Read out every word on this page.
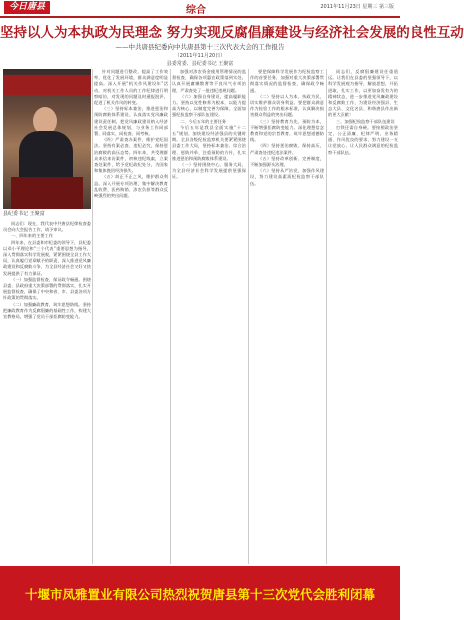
今日唐县	综合	2011年11月23日 星期三 第三版
坚持以人为本执政为民理念 努力实现反腐倡廉建设与经济社会发展的良性互动
——中共唐县纪委向中共唐县第十三次代表大会的工作报告
（2011年11月20日）
县委常委、县纪委书记 王聚富
县纪委书记 王聚富

同志们：现在，我代表中共唐县纪律检查委员会向大会报告工作，请予审议。

一、四年来的主要工作

四年来，在县委和市纪委的领导下，县纪委以邓小平理论和“三个代表”重要思想为指导，深入贯彻落实科学发展观，紧紧围绕全县工作大局，认真履行党章赋予的职责，深入推进党风廉政建设和反腐败斗争，为全县经济社会又好又快发展提供了有力保证。

（一）加强监督检查，保证政令畅通。围绕县委、县政府重大决策部署的贯彻落实，扎实开展监督检查，确保了中央和省、市、县委各项方针政策的贯彻落实。

（二）加强廉政教育，筑牢思想防线。坚持把廉政教育作为反腐倡廉的基础性工作，构建大宣教格局，增强了党员干部拒腐防变能力。

针对问题进行整改，提高了工作效率，优化了发展环境，群众满意度明显提高。深入开展“机关作风建设年”活动，对机关工作人员的工作纪律进行明察暗访，对发现的问题及时通报批评，促进了机关作风的转变。

（三）坚持标本兼治，推进惩治和预防腐败体系建设。认真落实党风廉政建设责任制，把党风廉政建设纳入经济社会发展总体规划，与业务工作同部署、同落实、同检查、同考核。

（四）严肃查办案件，维护党纪国法。坚持有案必查、违纪必究，保持惩治腐败的高压态势。四年来，共受理群众来信来访案件，初核违纪线索，立案查处案件，给予党纪政纪处分，为国家和集体挽回经济损失。

（五）纠正不正之风，维护群众利益。深入开展专项治理，集中解决教育乱收费、医药购销、涉农负担等群众反映强烈的突出问题。

加强对涉农资金使用管理情况的监督检查，确保各项惠农政策落到实处。认真开展庸懒散奢等不良风气专项治理，严肃查处了一批违纪违规问题。

（六）加强自身建设，提高履职能力。坚持以党性修养为根本，以能力提高为核心，以制度完善为保障，全面加强纪检监察干部队伍建设。

二、今后五年的主要任务

今后五年是我县全面实施“十二五”规划、加快建设经济强县的关键时期。全县各级纪检监察机关要紧紧围绕县委工作大局，坚持标本兼治、综合治理、惩防并举、注重预防的方针，扎实推进惩治和预防腐败体系建设。

（一）坚持围绕中心、服务大局，为全县经济社会科学发展提供坚强保证。

要把保障科学发展作为纪检监察工作的首要任务，加强对重大决策部署贯彻落实情况的监督检查，确保政令畅通。

（二）坚持以人为本、执政为民，切实维护群众切身利益。要把群众满意作为检验工作的根本标准，认真解决损害群众利益的突出问题。

（三）坚持教育为先、预防为本，不断增强拒腐防变能力。深化理想信念教育和党的宗旨教育，筑牢思想道德防线。

（四）坚持惩治腐败、保持高压，严肃查处违纪违法案件。

（五）坚持改革创新、完善制度，不断加强源头治理。

（六）坚持从严治党、加强作风建设，努力建设高素质纪检监察干部队伍。

同志们，反腐倡廉建设任重道远。让我们在县委的坚强领导下，以科学发展观为指导，解放思想，开拓进取，扎实工作，以更加奋发有为的精神状态，进一步推进党风廉政建设和反腐败工作，为建设经济强县、生态大县、文化名县、和谐唐县作出新的更大贡献！

三、加强纪检监察干部队伍建设

打铁还需自身硬。要按照政治坚定、公正清廉、纪律严明、业务精通、作风优良的要求，努力建设一支让党放心、让人民群众满意的纪检监察干部队伍。

十堰市凤雅置业有限公司热烈祝贺唐县第十三次党代会胜利闭幕
